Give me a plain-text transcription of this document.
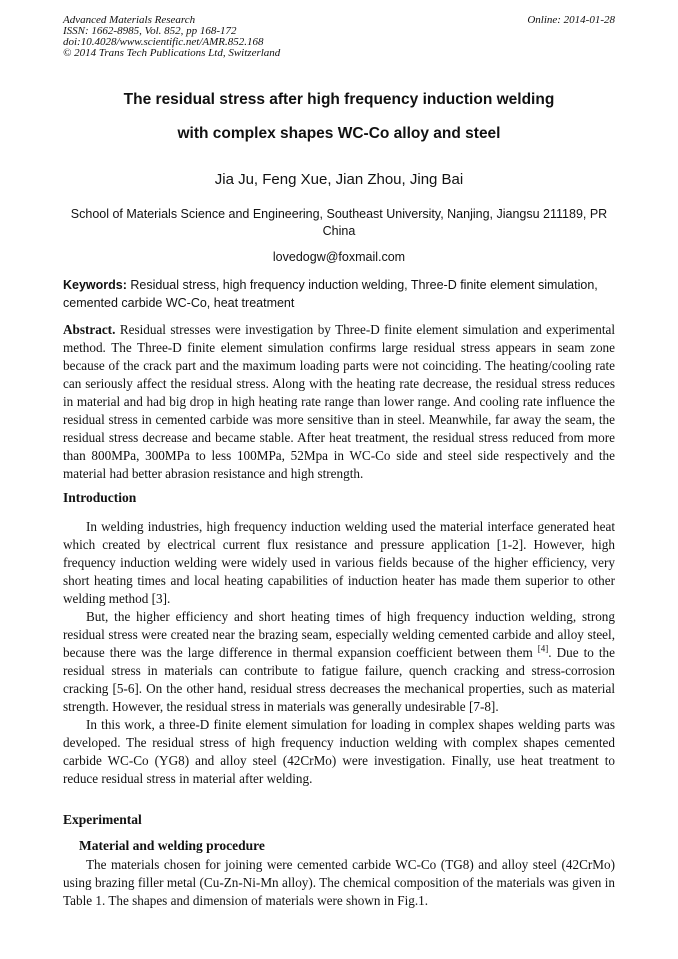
Advanced Materials Research
ISSN: 1662-8985, Vol. 852, pp 168-172
doi:10.4028/www.scientific.net/AMR.852.168
© 2014 Trans Tech Publications Ltd, Switzerland
Online: 2014-01-28
The residual stress after high frequency induction welding
with complex shapes WC-Co alloy and steel
Jia Ju, Feng Xue, Jian Zhou, Jing Bai
School of Materials Science and Engineering, Southeast University, Nanjing, Jiangsu 211189, PR China
lovedogw@foxmail.com
Keywords: Residual stress, high frequency induction welding, Three-D finite element simulation, cemented carbide WC-Co, heat treatment

Abstract. Residual stresses were investigation by Three-D finite element simulation and experimental method. The Three-D finite element simulation confirms large residual stress appears in seam zone because of the crack part and the maximum loading parts were not coinciding. The heating/cooling rate can seriously affect the residual stress. Along with the heating rate decrease, the residual stress reduces in material and had big drop in high heating rate range than lower range. And cooling rate influence the residual stress in cemented carbide was more sensitive than in steel. Meanwhile, far away the seam, the residual stress decrease and became stable. After heat treatment, the residual stress reduced from more than 800MPa, 300MPa to less 100MPa, 52Mpa in WC-Co side and steel side respectively and the material had better abrasion resistance and high strength.

Introduction

In welding industries, high frequency induction welding used the material interface generated heat which created by electrical current flux resistance and pressure application [1-2]. However, high frequency induction welding were widely used in various fields because of the higher efficiency, very short heating times and local heating capabilities of induction heater has made them superior to other welding method [3].

But, the higher efficiency and short heating times of high frequency induction welding, strong residual stress were created near the brazing seam, especially welding cemented carbide and alloy steel, because there was the large difference in thermal expansion coefficient between them [4]. Due to the residual stress in materials can contribute to fatigue failure, quench cracking and stress-corrosion cracking [5-6]. On the other hand, residual stress decreases the mechanical properties, such as material strength. However, the residual stress in materials was generally undesirable [7-8].

In this work, a three-D finite element simulation for loading in complex shapes welding parts was developed. The residual stress of high frequency induction welding with complex shapes cemented carbide WC-Co (YG8) and alloy steel (42CrMo) were investigation. Finally, use heat treatment to reduce residual stress in material after welding.

Experimental
Material and welding procedure

The materials chosen for joining were cemented carbide WC-Co (TG8) and alloy steel (42CrMo) using brazing filler metal (Cu-Zn-Ni-Mn alloy). The chemical composition of the materials was given in Table 1. The shapes and dimension of materials were shown in Fig.1.
